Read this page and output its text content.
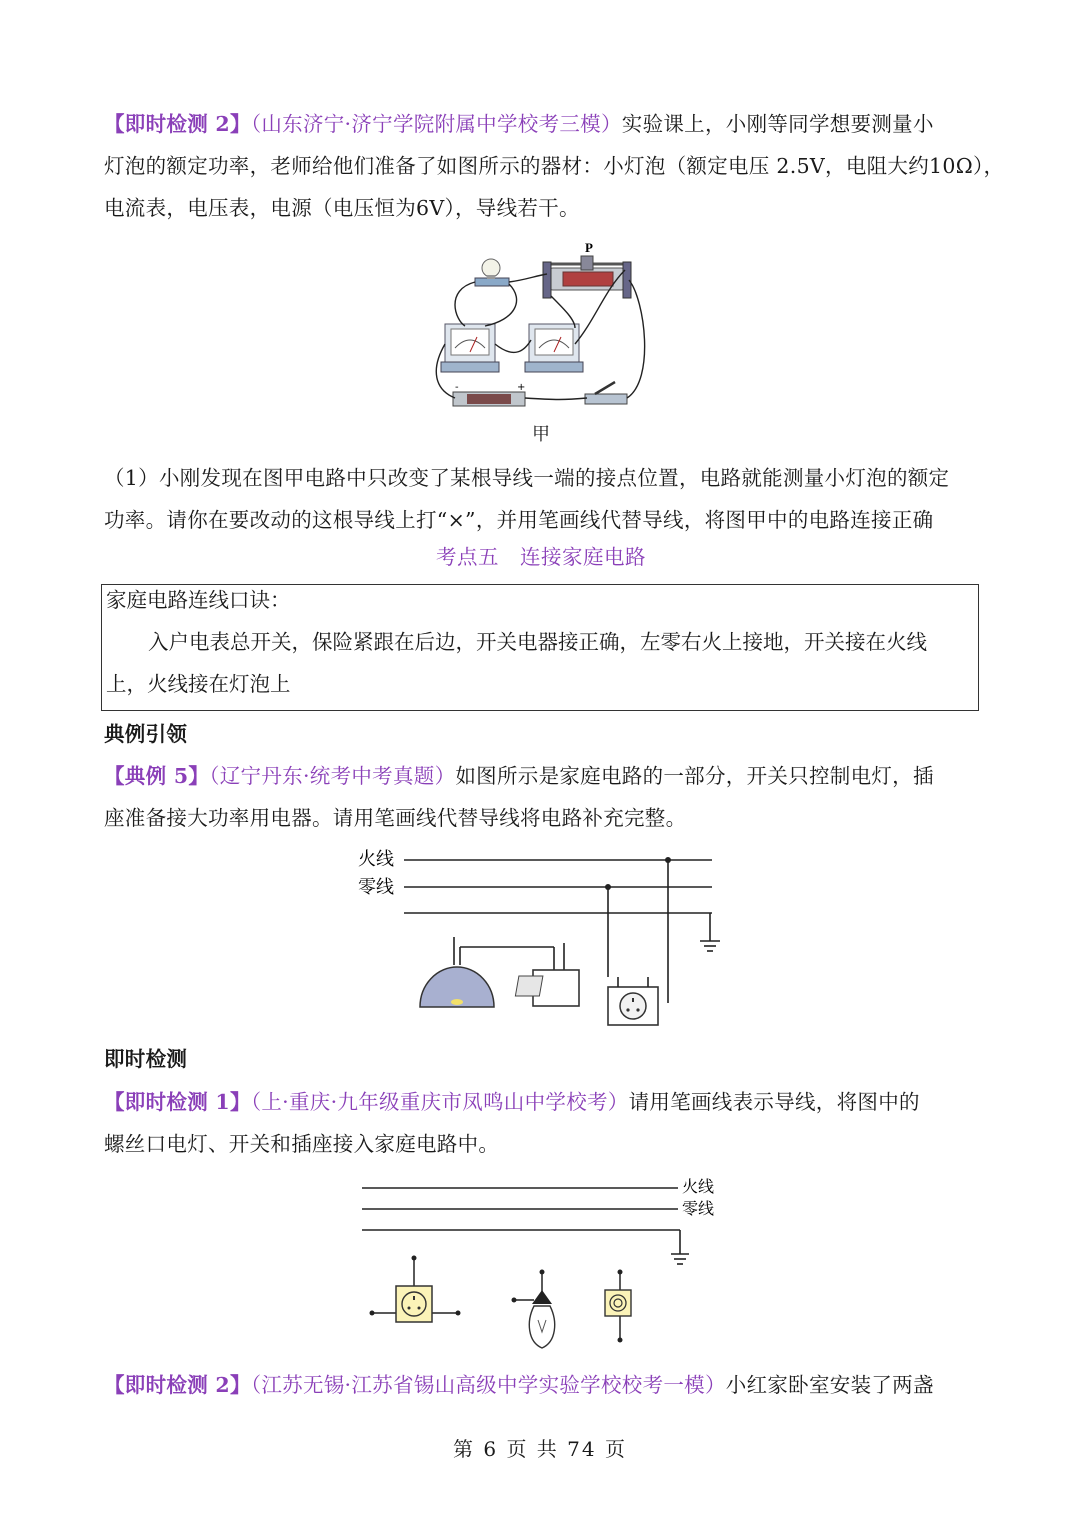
【即时检测 2】（山东济宁·济宁学院附属中学校考三模）实验课上，小刚等同学想要测量小
灯泡的额定功率，老师给他们准备了如图所示的器材：小灯泡（额定电压 2.5V，电阻大约10Ω），
电流表，电压表，电源（电压恒为6V），导线若干。
P
-	+
甲
（1）小刚发现在图甲电路中只改变了某根导线一端的接点位置，电路就能测量小灯泡的额定
功率。请你在要改动的这根导线上打“×”，并用笔画线代替导线，将图甲中的电路连接正确
考点五　连接家庭电路
家庭电路连线口诀：
入户电表总开关，保险紧跟在后边，开关电器接正确，左零右火上接地，开关接在火线
上，火线接在灯泡上
典例引领
【典例 5】（辽宁丹东·统考中考真题）如图所示是家庭电路的一部分，开关只控制电灯，插
座准备接大功率用电器。请用笔画线代替导线将电路补充完整。
火线
零线
即时检测
【即时检测 1】（上·重庆·九年级重庆市凤鸣山中学校考）请用笔画线表示导线，将图中的
螺丝口电灯、开关和插座接入家庭电路中。
火线
零线
【即时检测 2】（江苏无锡·江苏省锡山高级中学实验学校校考一模）小红家卧室安装了两盏
第 6 页 共 74 页
